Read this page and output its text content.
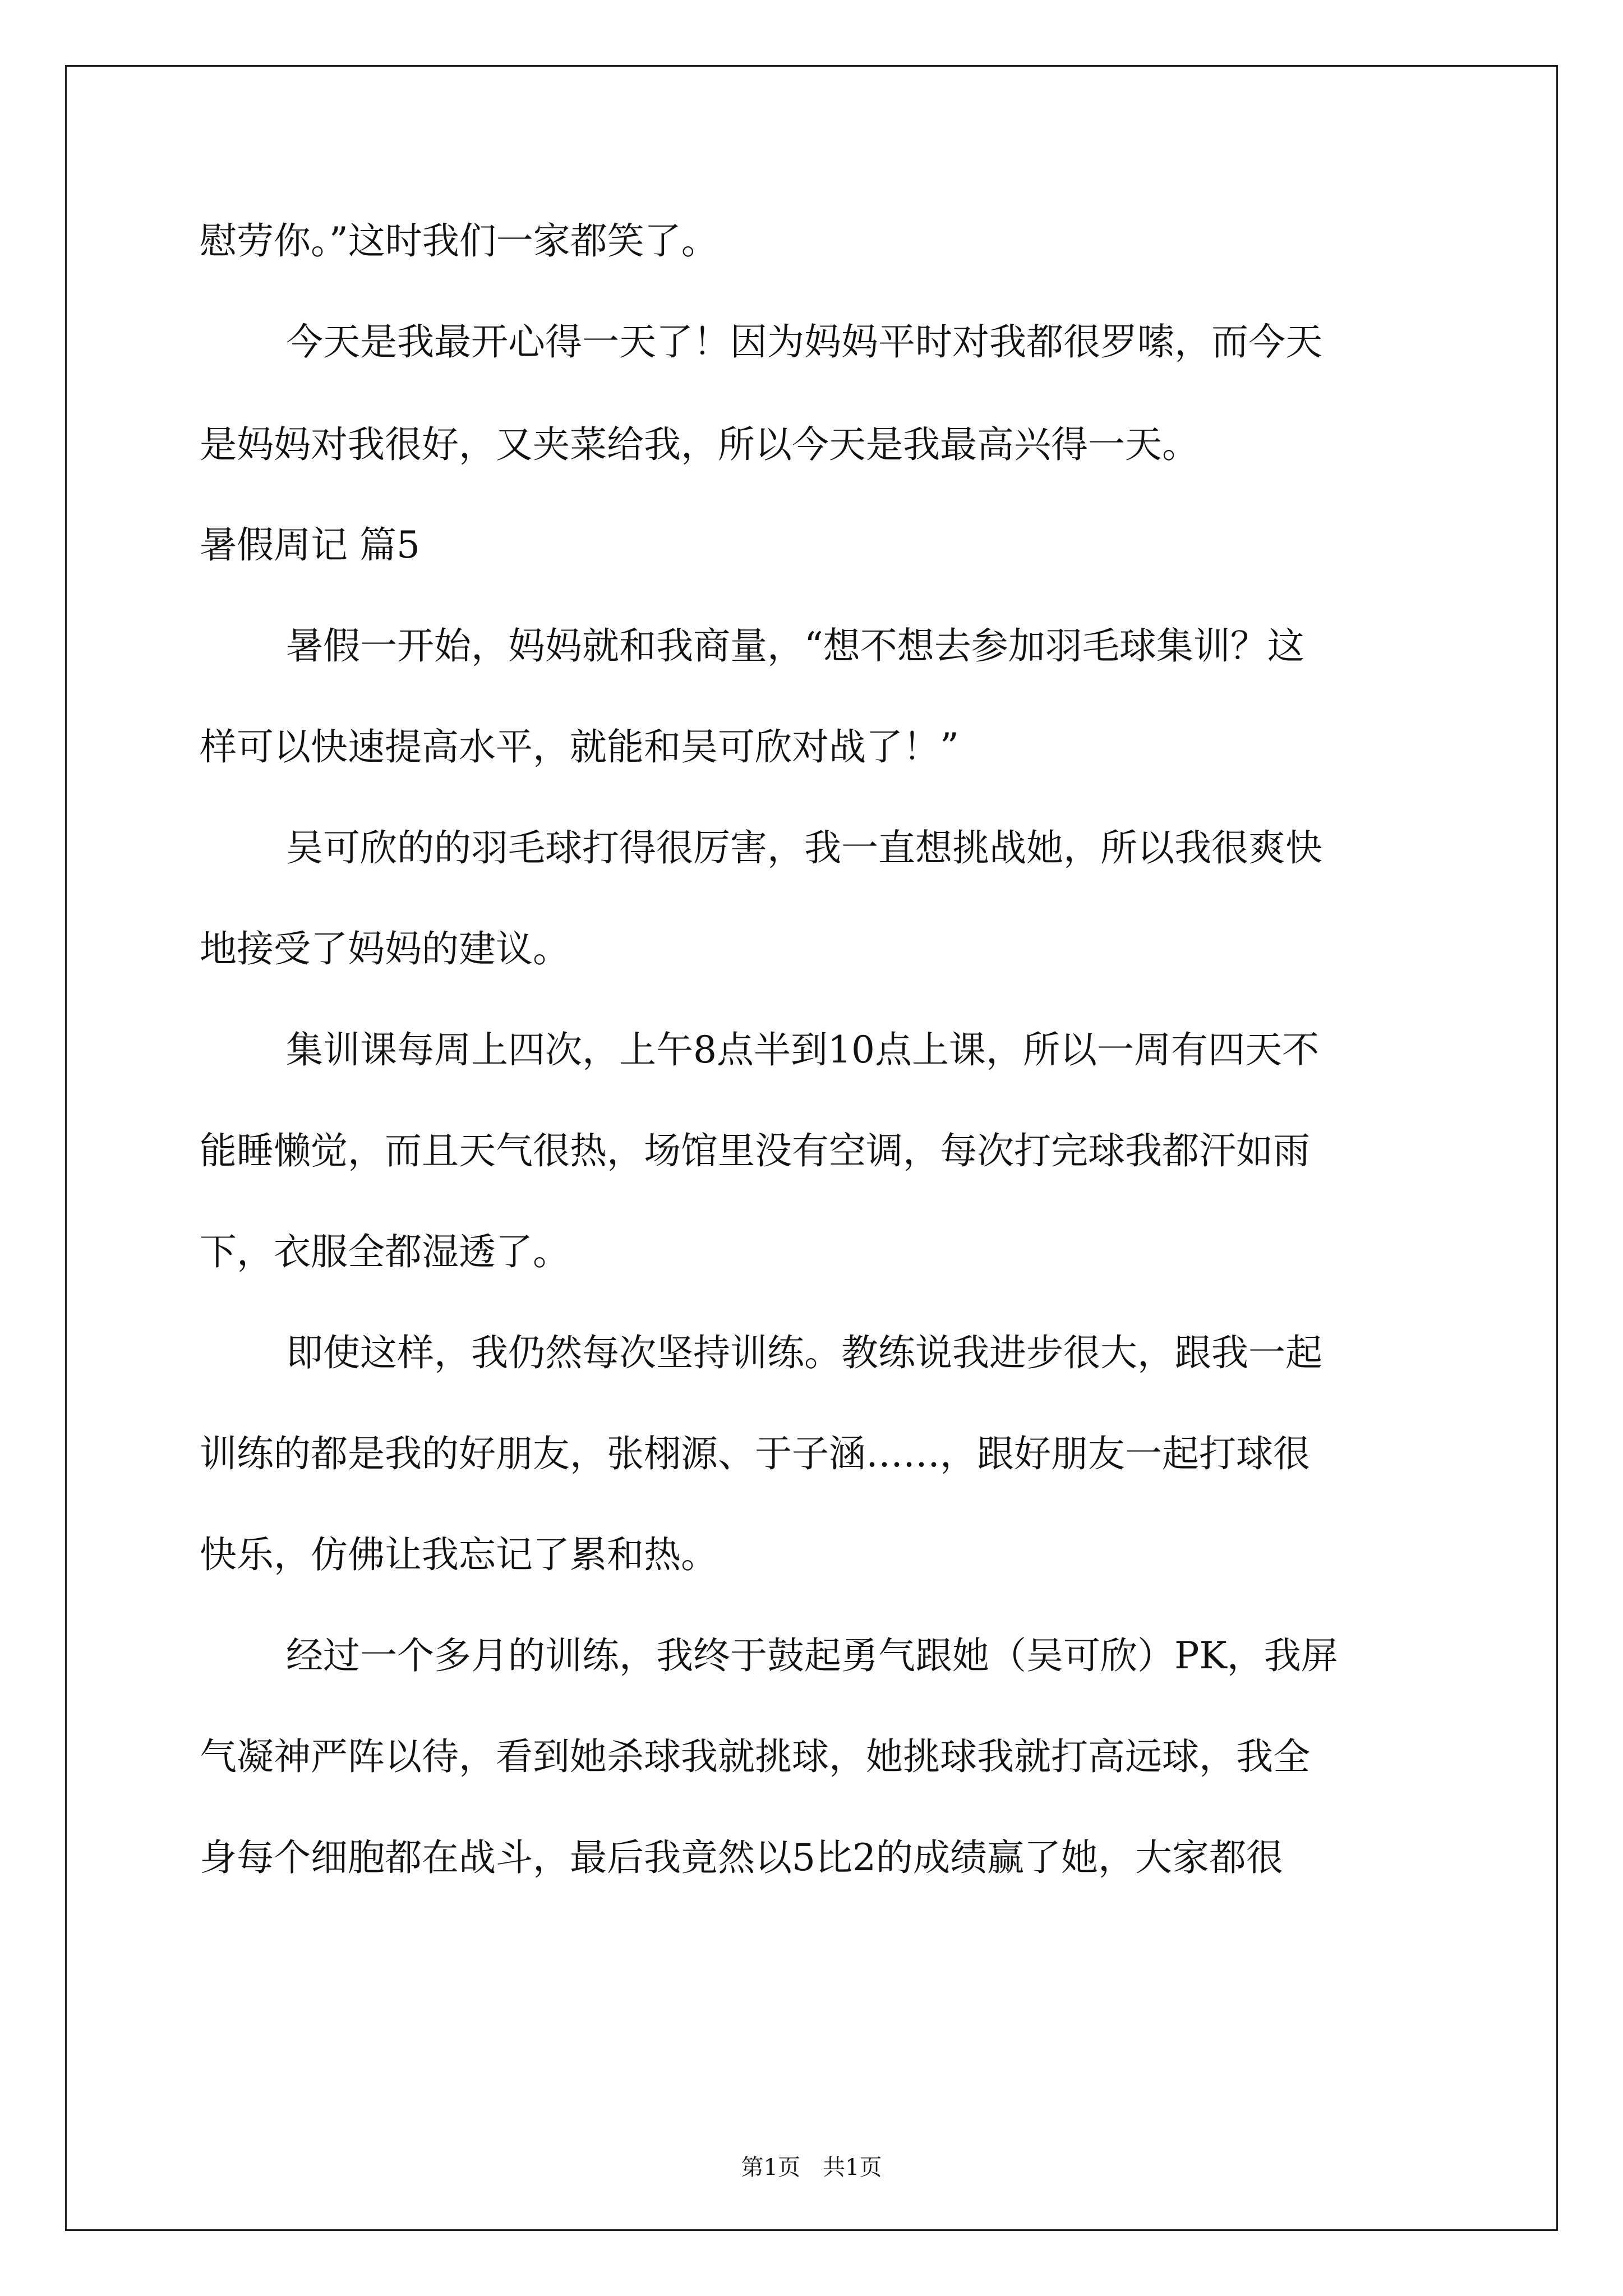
慰劳你。”这时我们一家都笑了。
今天是我最开心得一天了！因为妈妈平时对我都很罗嗦，而今天
是妈妈对我很好，又夹菜给我，所以今天是我最高兴得一天。
暑假周记 篇5
暑假一开始，妈妈就和我商量，“想不想去参加羽毛球集训？这
样可以快速提高水平，就能和吴可欣对战了！”
吴可欣的的羽毛球打得很厉害，我一直想挑战她，所以我很爽快
地接受了妈妈的建议。
集训课每周上四次，上午8点半到10点上课，所以一周有四天不
能睡懒觉，而且天气很热，场馆里没有空调，每次打完球我都汗如雨
下，衣服全都湿透了。
即使这样，我仍然每次坚持训练。教练说我进步很大，跟我一起
训练的都是我的好朋友，张栩源、于子涵……，跟好朋友一起打球很
快乐，仿佛让我忘记了累和热。
经过一个多月的训练，我终于鼓起勇气跟她（吴可欣）PK，我屏
气凝神严阵以待，看到她杀球我就挑球，她挑球我就打高远球，我全
身每个细胞都在战斗，最后我竟然以5比2的成绩赢了她，大家都很
第1页　共1页
